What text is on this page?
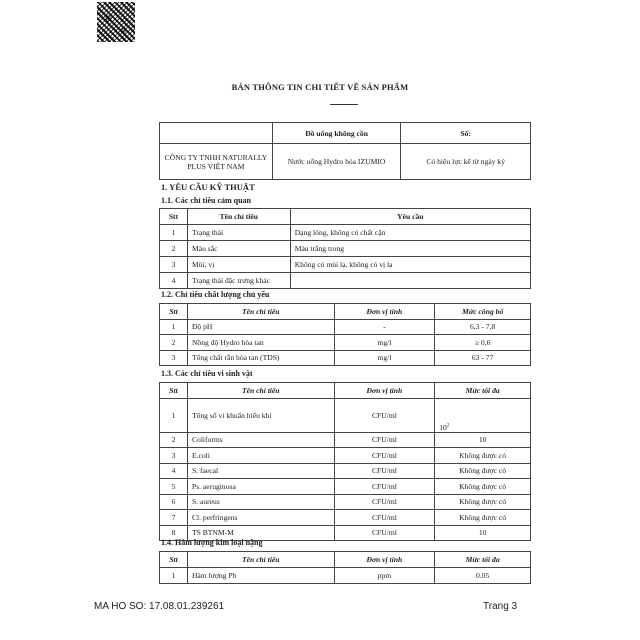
BẢN THÔNG TIN CHI TIẾT VỀ SẢN PHẨM
	Đồ uống không cồn	Số:
CÔNG TY TNHH NATURALLY PLUS VIỆT NAM	Nước uống Hydro hóa IZUMIO	Có hiệu lực kể từ ngày ký
1. YÊU CẦU KỸ THUẬT
1.1. Các chỉ tiêu cảm quan
Stt	Tên chỉ tiêu	Yêu cầu
1	Trạng thái	Dạng lỏng, không có chất cặn
2	Màu sắc	Màu trắng trong
3	Mùi, vị	Không có mùi lạ, không có vị lạ
4	Trạng thái đặc trưng khác	
1.2. Chỉ tiêu chất lượng chủ yếu
Stt	Tên chỉ tiêu	Đơn vị tính	Mức công bố
1	Độ pH	-	6,3 - 7,8
2	Nồng độ Hydro hòa tan	mg/l	≥ 0,6
3	Tổng chất rắn hòa tan (TDS)	mg/l	63 - 77
1.3. Các chỉ tiêu vi sinh vật
Stt	Tên chỉ tiêu	Đơn vị tính	Mức tối đa
1	Tổng số vi khuẩn hiếu khí	CFU/ml	$10^2$
2	Coliforms	CFU/ml	10
3	E.coli	CFU/ml	Không được có
4	S. faecal	CFU/ml	Không được có
5	Ps. aeruginosa	CFU/ml	Không được có
6	S. aureus	CFU/ml	Không được có
7	Cl. perfringens	CFU/ml	Không được có
8	TS BTNM-M	CFU/ml	10
1.4. Hàm lượng kim loại nặng
Stt	Tên chỉ tiêu	Đơn vị tính	Mức tối đa
1	Hàm lượng Pb	ppm	0.05
MA HO SO: 17.08.01.239261	Trang 3
